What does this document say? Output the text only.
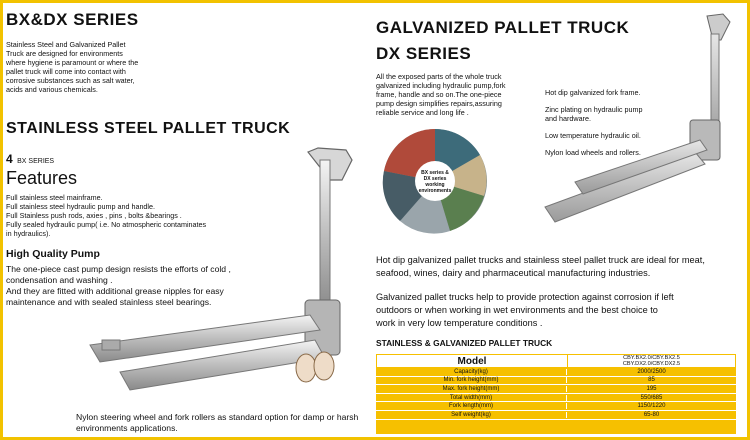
BX&DX SERIES
Stainless Steel and Galvanized Pallet
Truck are designed for environments
where hygiene is paramount or where the
pallet truck will come into contact with
corrosive substances such as salt water,
acids and various chemicals.
STAINLESS STEEL PALLET TRUCK
4 BX SERIES
Features
Full stainless steel mainframe.
Full stainless steel hydraulic pump and handle.
Full Stainless push rods, axies , pins , bolts &bearings .
Fully sealed hydraulic pump( i.e. No atmospheric contaminates
in hydraulics).
High Quality Pump
The one-piece cast pump design resists the efforts of cold ,
condensation and washing .
And they are fitted with additional grease nipples for easy
maintenance and with sealed stainless steel bearings.
Nylon steering wheel and fork rollers as standard option for damp or harsh
environments applications.
GALVANIZED PALLET TRUCK
DX SERIES
All the exposed parts of the whole truck
galvanized including hydraulic pump,fork
frame, handle and so on.The one-piece
pump design simplifies repairs,assuring
reliable service and long life .
BX series &
DX series
working
environments
Hot dip galvanized fork frame.
Zinc plating on hydraulic pump
and hardware.
Low temperature hydraulic oil.
Nylon load wheels and rollers.
Hot dip galvanized pallet trucks and stainless steel pallet truck are ideal for meat,
seafood, wines, dairy and pharmaceutical manufacturing industries.
Galvanized pallet trucks help to provide protection against corrosion if left
outdoors or when working in wet environments and the best choice to
work in very low temperature conditions .
STAINLESS & GALVANIZED PALLET TRUCK
Model	CBY.BX2.0/CBY.BX2.5
CBY.DX2.0/CBY.DX2.5
Capacity(kg)	2000/2500
Min. fork height(mm)	85
Max. fork height(mm)	195
Total width(mm)	550/685
Fork length(mm)	1150/1220
Self weight(kg)	65-80
